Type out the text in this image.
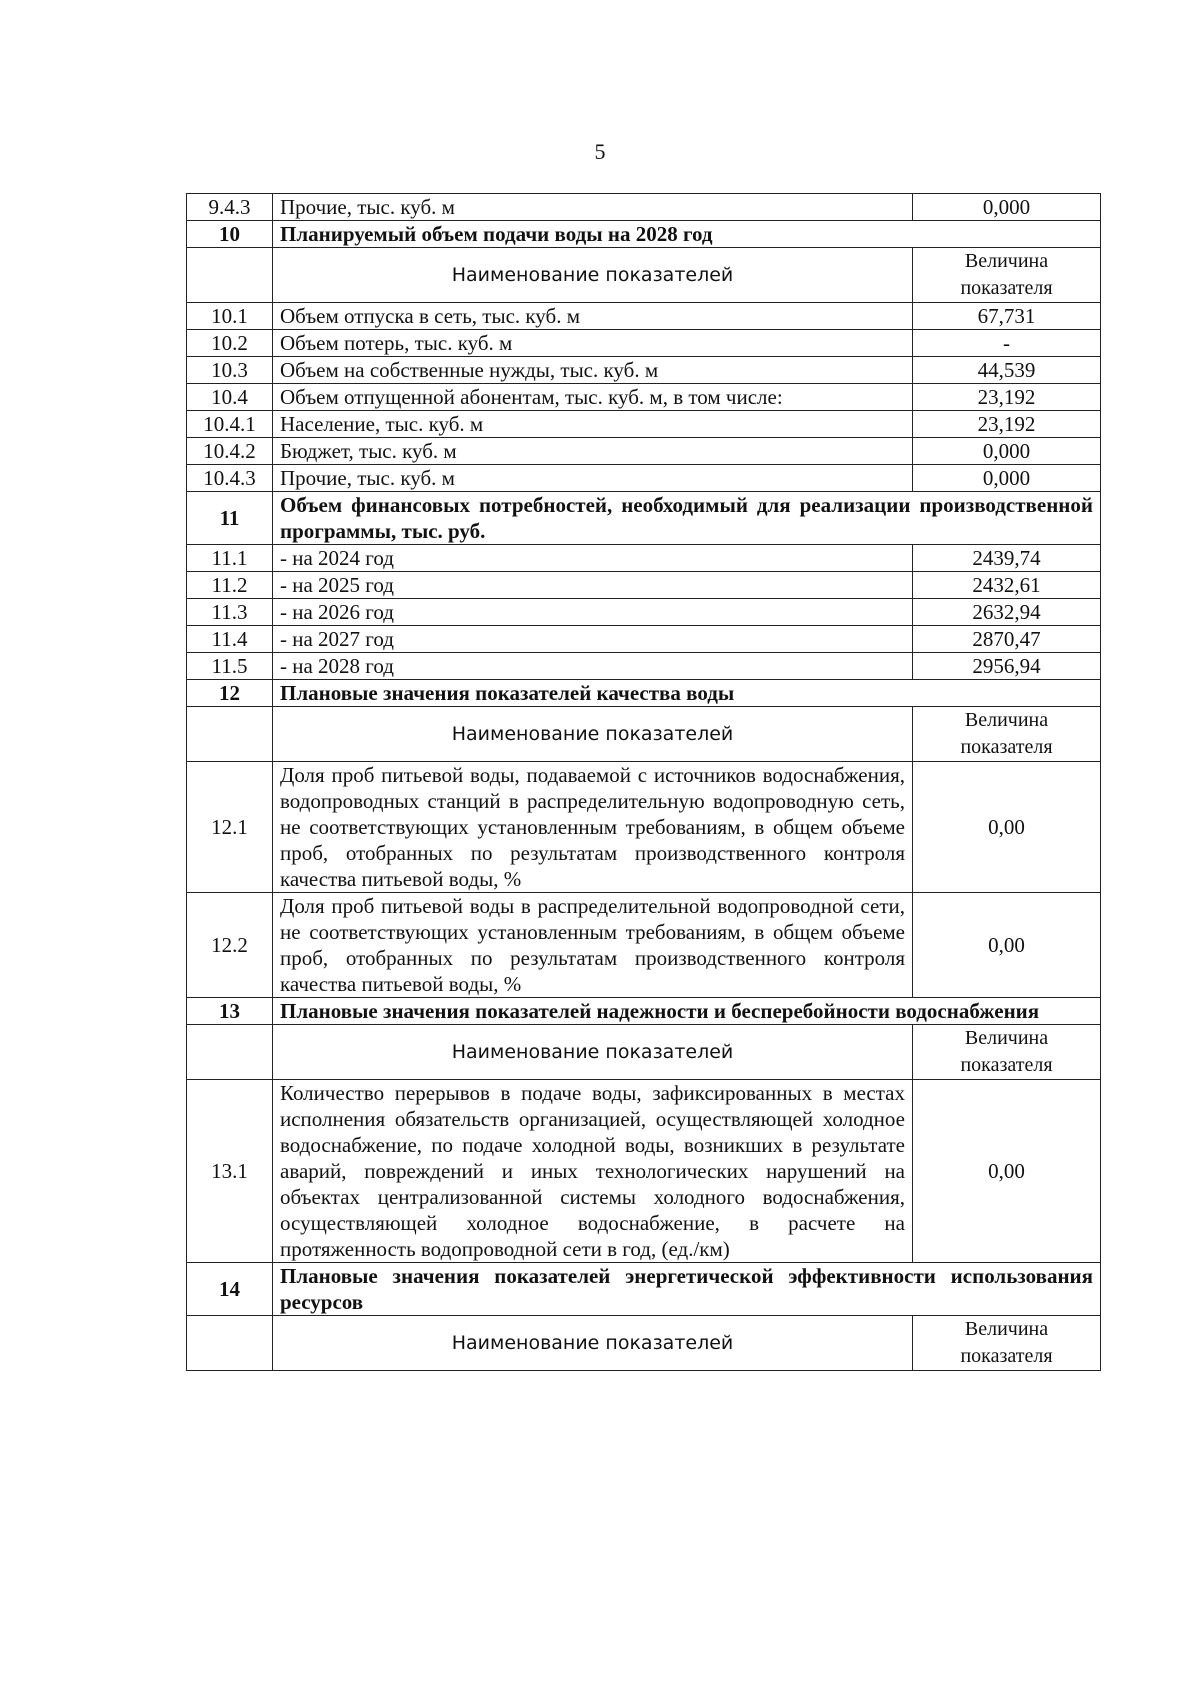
5
9.4.3	Прочие, тыс. куб. м	0,000
10	Планируемый объем подачи воды на 2028 год	
	Наименование показателей	Величина показателя
10.1	Объем отпуска в сеть, тыс. куб. м	67,731
10.2	Объем потерь, тыс. куб. м	-
10.3	Объем на собственные нужды, тыс. куб. м	44,539
10.4	Объем отпущенной абонентам, тыс. куб. м, в том числе:	23,192
10.4.1	Население, тыс. куб. м	23,192
10.4.2	Бюджет, тыс. куб. м	0,000
10.4.3	Прочие, тыс. куб. м	0,000
11	Объем финансовых потребностей, необходимый для реализации производственной программы, тыс. руб.	
11.1	- на 2024 год	2439,74
11.2	- на 2025 год	2432,61
11.3	- на 2026 год	2632,94
11.4	- на 2027 год	2870,47
11.5	- на 2028 год	2956,94
12	Плановые значения показателей качества воды	
	Наименование показателей	Величина показателя
12.1	Доля проб питьевой воды, подаваемой с источников водоснабжения, водопроводных станций в распределительную водопроводную сеть, не соответствующих установленным требованиям, в общем объеме проб, отобранных по результатам производственного контроля качества питьевой воды, %	0,00
12.2	Доля проб питьевой воды в распределительной водопроводной сети, не соответствующих установленным требованиям, в общем объеме проб, отобранных по результатам производственного контроля качества питьевой воды, %	0,00
13	Плановые значения показателей надежности и бесперебойности водоснабжения	
	Наименование показателей	Величина показателя
13.1	Количество перерывов в подаче воды, зафиксированных в местах исполнения обязательств организацией, осуществляющей холодное водоснабжение, по подаче холодной воды, возникших в результате аварий, повреждений и иных технологических нарушений на объектах централизованной системы холодного водоснабжения, осуществляющей холодное водоснабжение, в расчете на протяженность водопроводной сети в год, (ед./км)	0,00
14	Плановые значения показателей энергетической эффективности использования ресурсов	
	Наименование показателей	Величина показателя
